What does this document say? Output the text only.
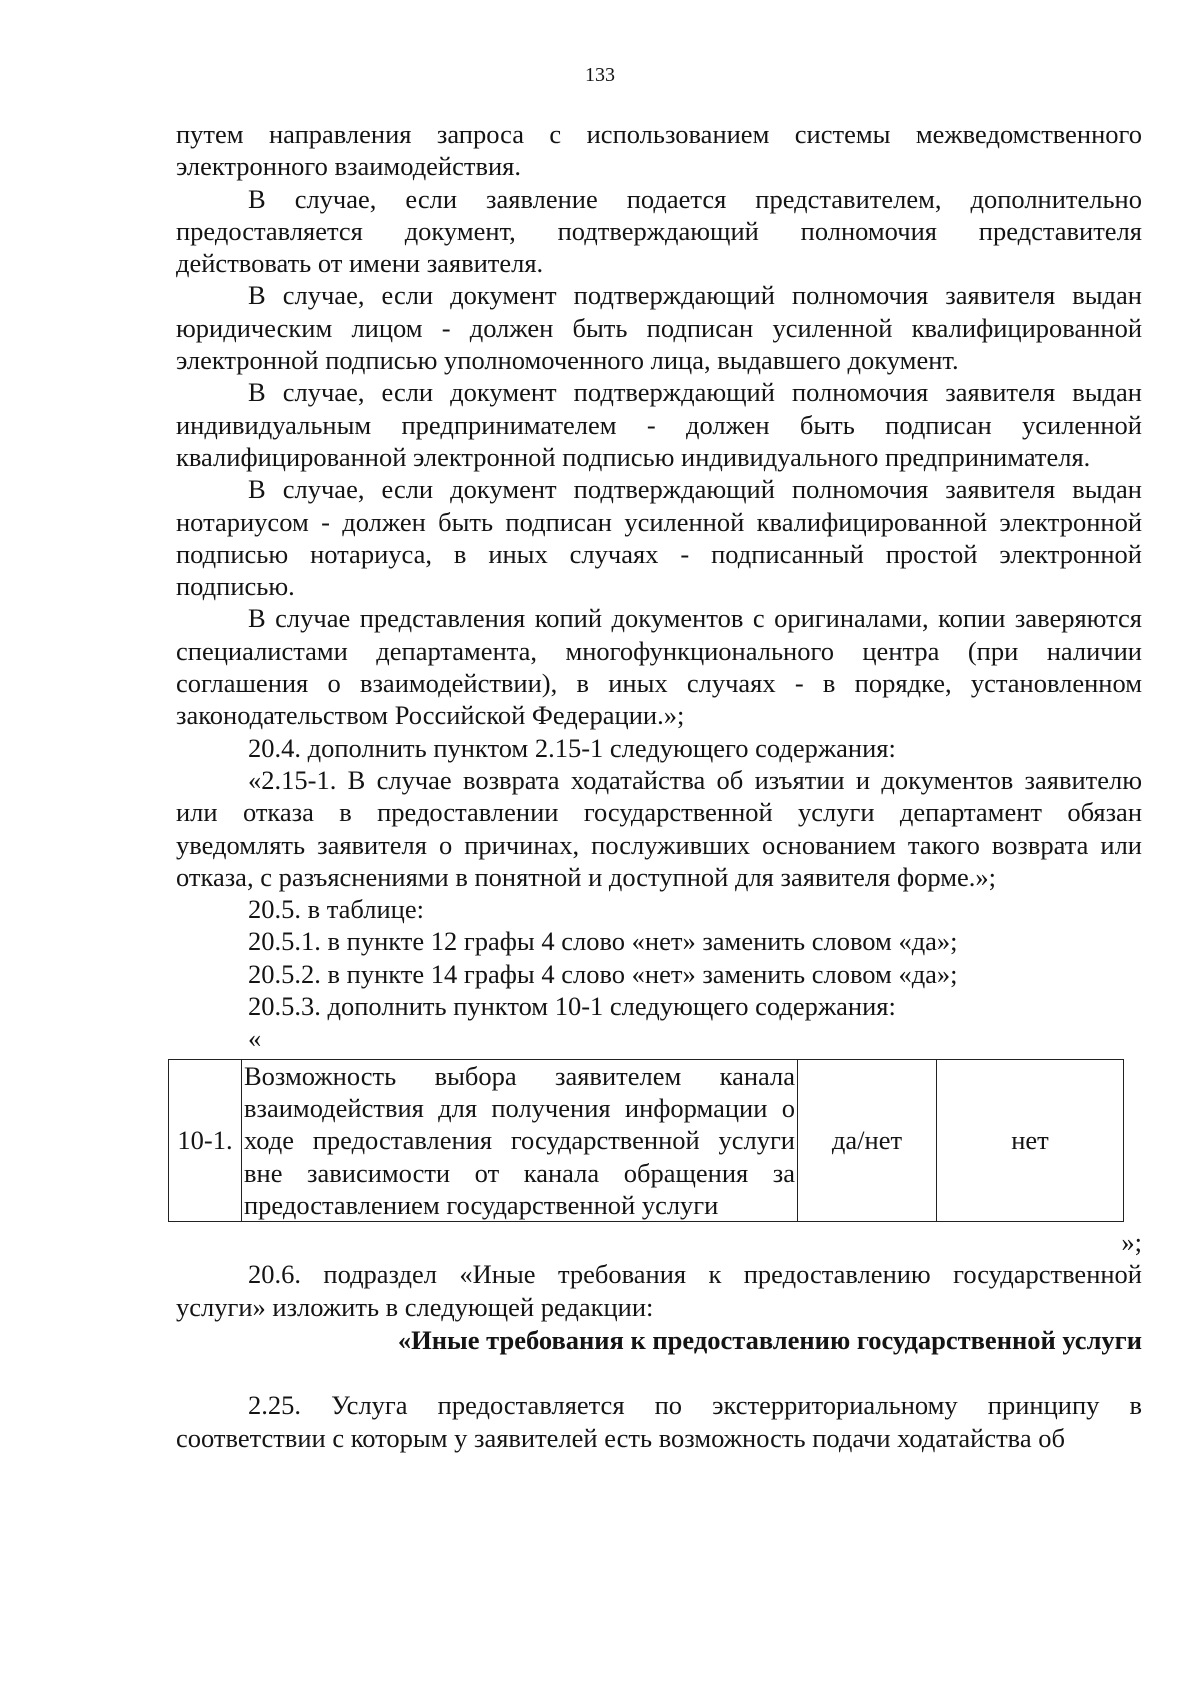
133

путем направления запроса с использованием системы межведомственного электронного взаимодействия.

В случае, если заявление подается представителем, дополнительно предоставляется документ, подтверждающий полномочия представителя действовать от имени заявителя.

В случае, если документ подтверждающий полномочия заявителя выдан юридическим лицом - должен быть подписан усиленной квалифицированной электронной подписью уполномоченного лица, выдавшего документ.

В случае, если документ подтверждающий полномочия заявителя выдан индивидуальным предпринимателем - должен быть подписан усиленной квалифицированной электронной подписью индивидуального предпринимателя.

В случае, если документ подтверждающий полномочия заявителя выдан нотариусом - должен быть подписан усиленной квалифицированной электронной подписью нотариуса, в иных случаях - подписанный простой электронной подписью.

В случае представления копий документов с оригиналами, копии заверяются специалистами департамента, многофункционального центра (при наличии соглашения о взаимодействии), в иных случаях - в порядке, установленном законодательством Российской Федерации.»;

20.4. дополнить пунктом 2.15-1 следующего содержания:

«2.15-1. В случае возврата ходатайства об изъятии и документов заявителю или отказа в предоставлении государственной услуги департамент обязан уведомлять заявителя о причинах, послуживших основанием такого возврата или отказа, с разъяснениями в понятной и доступной для заявителя форме.»;

20.5. в таблице:

20.5.1. в пункте 12 графы 4 слово «нет» заменить словом «да»;

20.5.2. в пункте 14 графы 4 слово «нет» заменить словом «да»;

20.5.3. дополнить пунктом 10-1 следующего содержания:

«

10-1.	Возможность выбора заявителем канала взаимодействия для получения информации о ходе предоставления государственной услуги вне зависимости от канала обращения за предоставлением государственной услуги	да/нет	нет

»;

20.6. подраздел «Иные требования к предоставлению государственной услуги» изложить в следующей редакции:

«Иные требования к предоставлению государственной услуги

2.25. Услуга предоставляется по экстерриториальному принципу в соответствии с которым у заявителей есть возможность подачи ходатайства об
